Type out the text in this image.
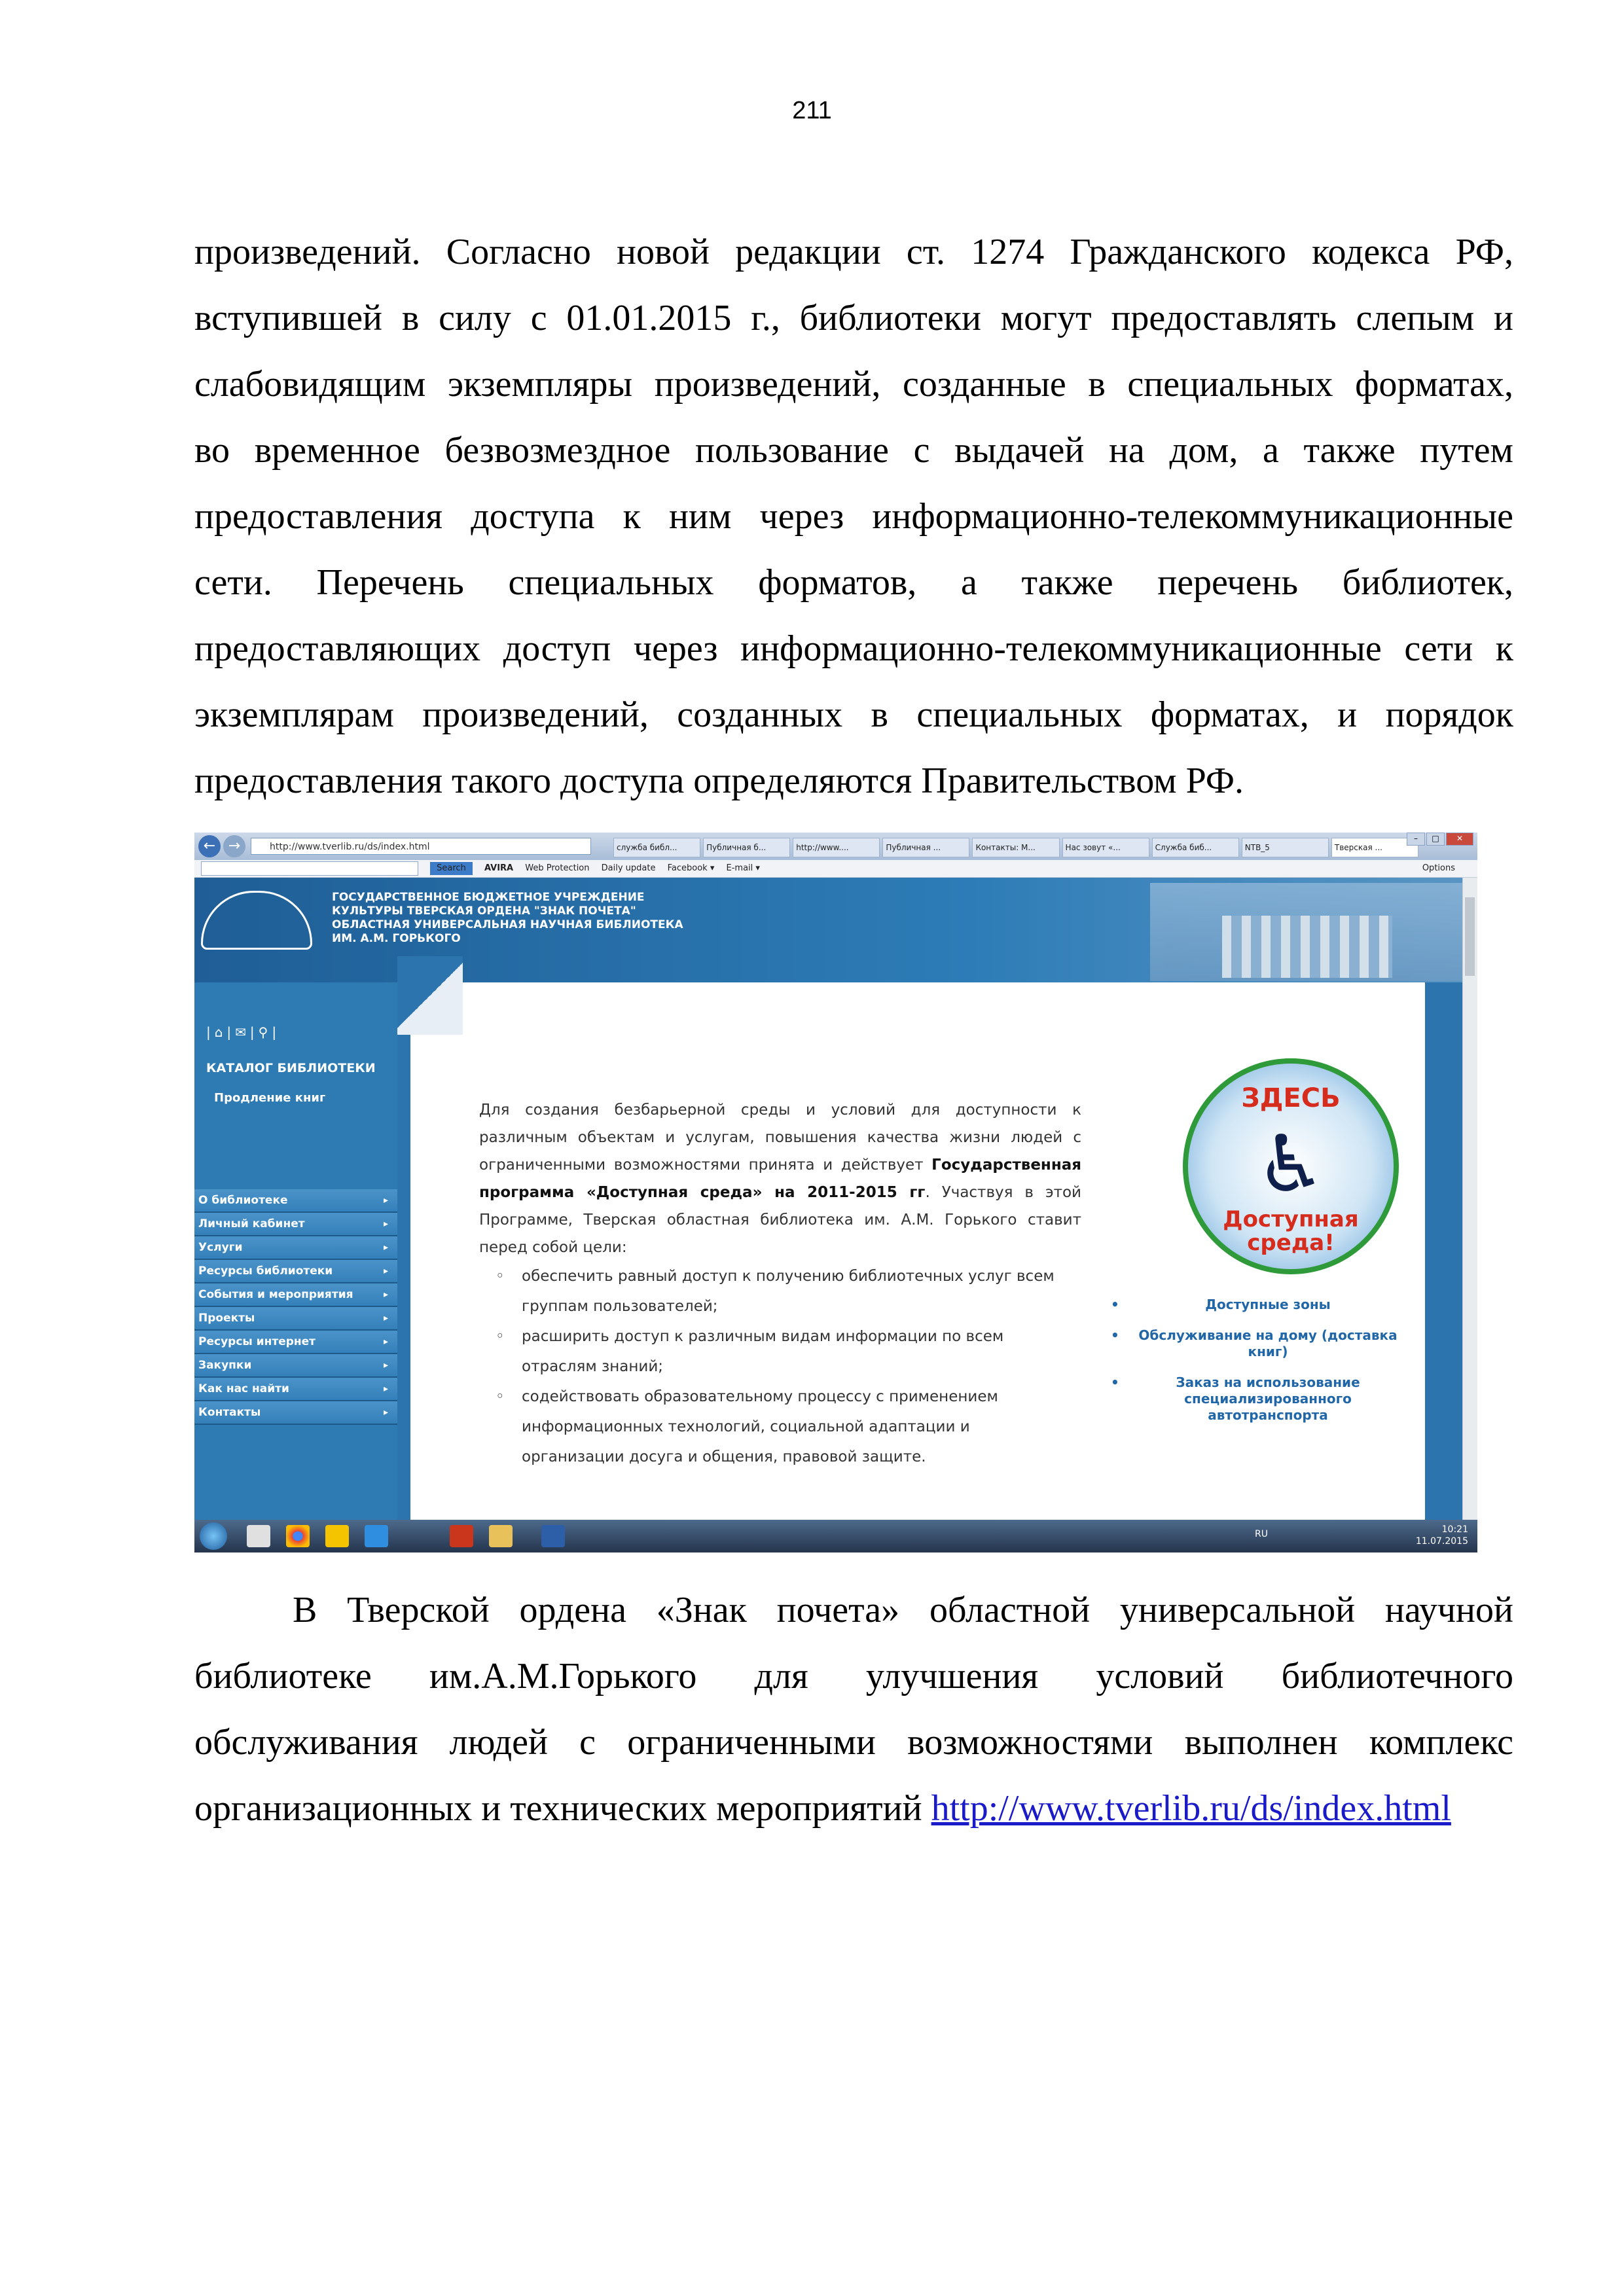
211
произведений. Согласно новой редакции ст. 1274 Гражданского кодекса РФ,
вступившей в силу с 01.01.2015 г., библиотеки могут предоставлять слепым и
слабовидящим экземпляры произведений, созданные в специальных форматах,
во временное безвозмездное пользование с выдачей на дом, а также путем
предоставления доступа к ним через информационно-телекоммуникационные
сети. Перечень специальных форматов, а также перечень библиотек,
предоставляющих доступ через информационно-телекоммуникационные сети к
экземплярам произведений, созданных в специальных форматах, и порядок
предоставления такого доступа определяются Правительством РФ.
← →	http://www.tverlib.ru/ds/index.html	служба библ...	Публичная б...	http://www....	Публичная ...	Контакты: М...	Нас зовут «...	Служба биб...	NTB_5	Тверская ...
–	□	✕
Search AVIRA Web Protection Daily update Facebook ▾ E-mail ▾	Options
ГОСУДАРСТВЕННОЕ БЮДЖЕТНОЕ УЧРЕЖДЕНИЕ КУЛЬТУРЫ ТВЕРСКАЯ ОРДЕНА "ЗНАК ПОЧЕТА" ОБЛАСТНАЯ УНИВЕРСАЛЬНАЯ НАУЧНАЯ БИБЛИОТЕКА ИМ. А.М. ГОРЬКОГО
|⌂|✉|⚲|
КАТАЛОГ БИБЛИОТЕКИ
Продление книг
О библиотеке ▸
Личный кабинет ▸
Услуги ▸
Ресурсы библиотеки ▸
События и мероприятия ▸
Проекты ▸
Ресурсы интернет ▸
Закупки ▸
Как нас найти ▸
Контакты ▸
Для создания безбарьерной среды и условий для доступности к различным объектам и услугам, повышения качества жизни людей с ограниченными возможностями принята и действует Государственная программа «Доступная среда» на 2011-2015 гг. Участвуя в этой Программе, Тверская областная библиотека им. А.М. Горького ставит перед собой цели:
◦ обеспечить равный доступ к получению библиотечных услуг всем группам пользователей;
◦ расширить доступ к различным видам информации по всем отраслям знаний;
◦ содействовать образовательному процессу с применением информационных технологий, социальной адаптации и организации досуга и общения, правовой защите.
ЗДЕСЬ
♿
Доступная среда!
• Доступные зоны
• Обслуживание на дому (доставка книг)
• Заказ на использование специализированного автотранспорта
RU	10:21
11.07.2015
В Тверской ордена «Знак почета» областной универсальной научной
библиотеке им.А.М.Горького для улучшения условий библиотечного
обслуживания людей с ограниченными возможностями выполнен комплекс
организационных и технических мероприятий http://www.tverlib.ru/ds/index.html
